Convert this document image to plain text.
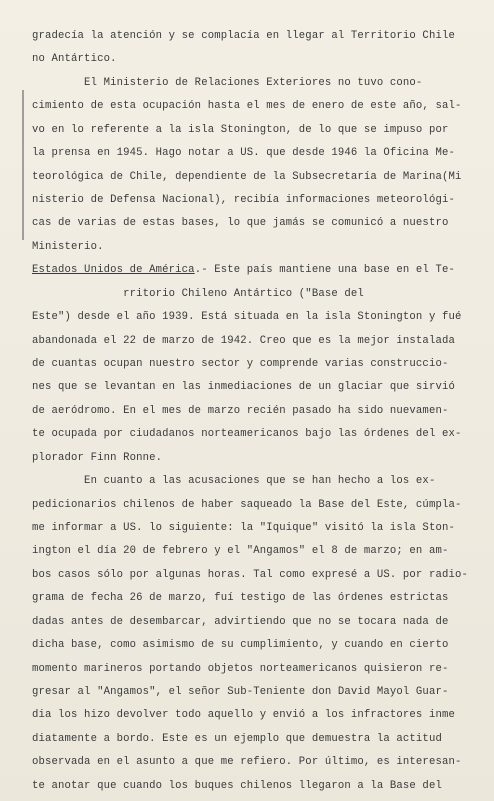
gradecía la atención y se complacía en llegar al Territorio Chile
no Antártico.
El Ministerio de Relaciones Exteriores no tuvo cono-
cimiento de esta ocupación hasta el mes de enero de este año, sal-
vo en lo referente a la isla Stonington, de lo que se impuso por
la prensa en 1945. Hago notar a US. que desde 1946 la Oficina Me-
teorológica de Chile, dependiente de la Subsecretaría de Marina(Mi
nisterio de Defensa Nacional), recibía informaciones meteorológi-
cas de varias de estas bases, lo que jamás se comunicó a nuestro
Ministerio.
Estados Unidos de América.- Este país mantiene una base en el Te-
rritorio Chileno Antártico ("Base del
Este") desde el año 1939. Está situada en la isla Stonington y fué
abandonada el 22 de marzo de 1942. Creo que es la mejor instalada
de cuantas ocupan nuestro sector y comprende varias construccio-
nes que se levantan en las inmediaciones de un glaciar que sirvió
de aeródromo. En el mes de marzo recién pasado ha sido nuevamen-
te ocupada por ciudadanos norteamericanos bajo las órdenes del ex-
plorador Finn Ronne.
En cuanto a las acusaciones que se han hecho a los ex-
pedicionarios chilenos de haber saqueado la Base del Este, cúmpla-
me informar a US. lo siguiente: la "Iquique" visitó la isla Ston-
ington el día 20 de febrero y el "Angamos" el 8 de marzo; en am-
bos casos sólo por algunas horas. Tal como expresé a US. por radio-
grama de fecha 26 de marzo, fuí testigo de las órdenes estrictas
dadas antes de desembarcar, advirtiendo que no se tocara nada de
dicha base, como asimismo de su cumplimiento, y cuando en cierto
momento marineros portando objetos norteamericanos quisieron re-
gresar al "Angamos", el señor Sub-Teniente don David Mayol Guar-
dia los hizo devolver todo aquello y envió a los infractores inme
diatamente a bordo. Este es un ejemplo que demuestra la actitud
observada en el asunto a que me refiero. Por último, es interesan-
te anotar que cuando los buques chilenos llegaron a la Base del
